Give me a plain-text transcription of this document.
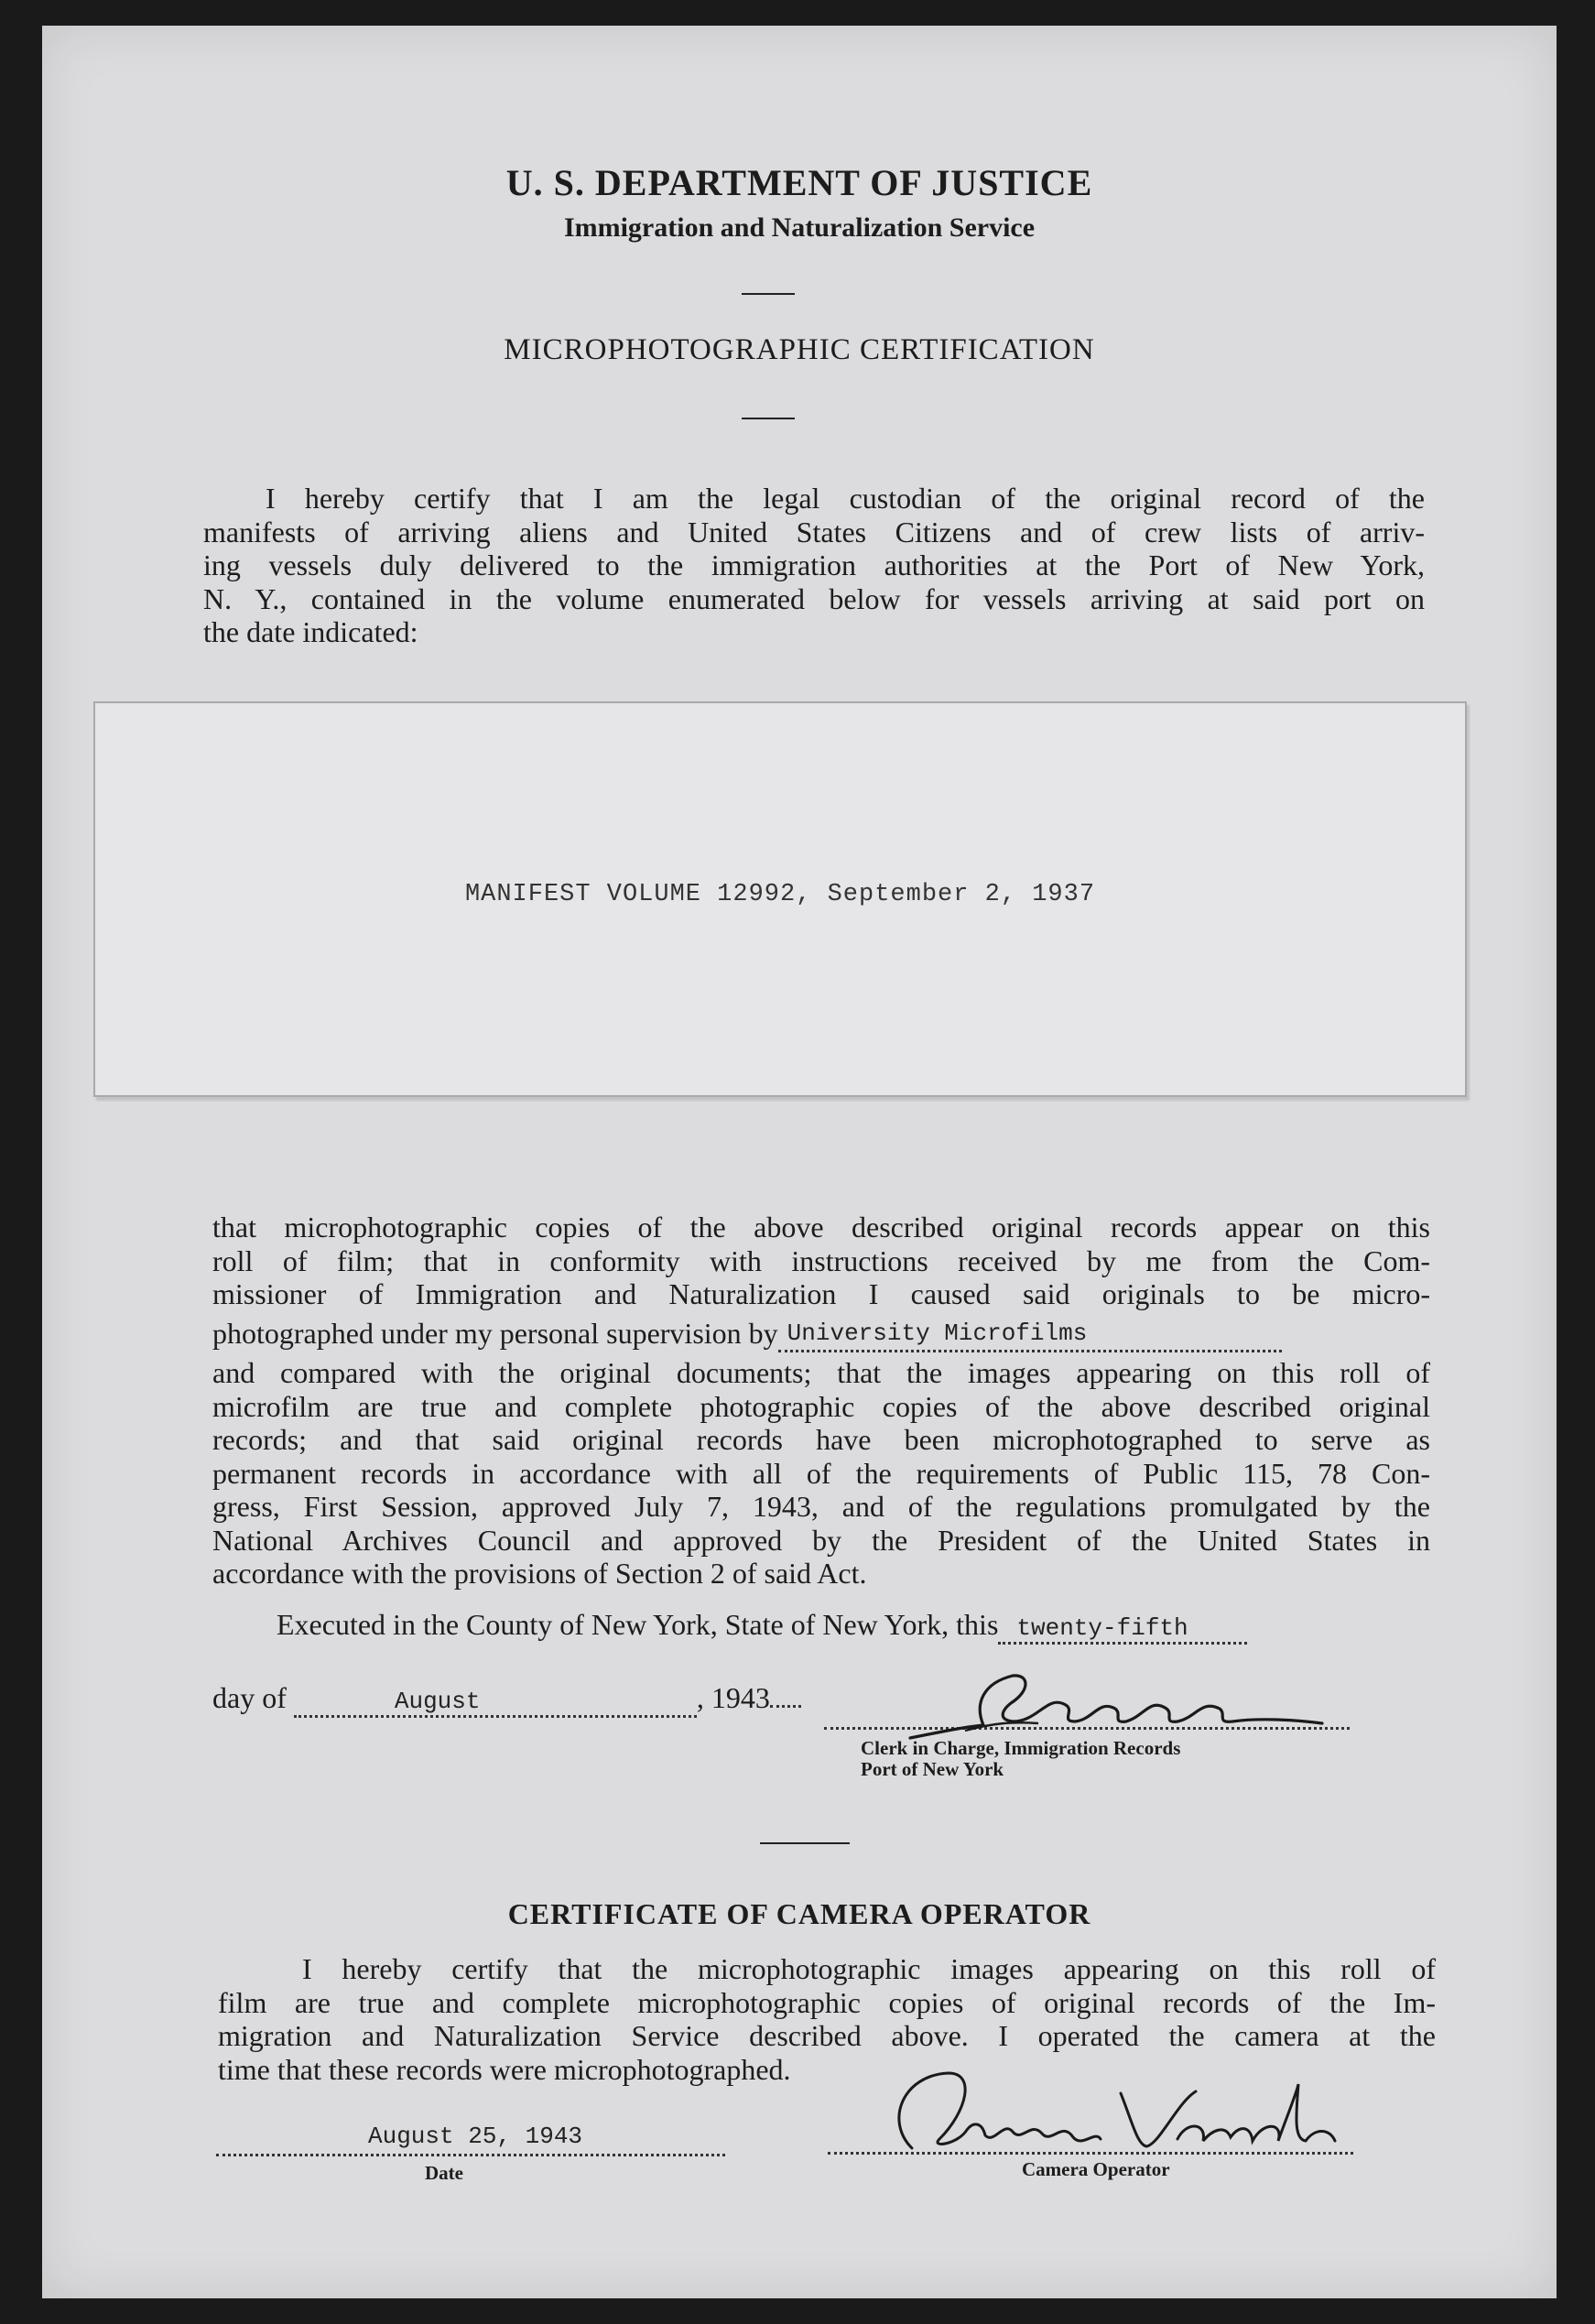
U. S. DEPARTMENT OF JUSTICE
Immigration and Naturalization Service
MICROPHOTOGRAPHIC CERTIFICATION
I hereby certify that I am the legal custodian of the original record of the
manifests of arriving aliens and United States Citizens and of crew lists of arriv-
ing vessels duly delivered to the immigration authorities at the Port of New York,
N. Y., contained in the volume enumerated below for vessels arriving at said port on
the date indicated:
MANIFEST VOLUME 12992, September 2, 1937
that microphotographic copies of the above described original records appear on this
roll of film; that in conformity with instructions received by me from the Com-
missioner of Immigration and Naturalization I caused said originals to be micro-
photographed under my personal supervision by University Microfilms
and compared with the original documents; that the images appearing on this roll of
microfilm are true and complete photographic copies of the above described original
records; and that said original records have been microphotographed to serve as
permanent records in accordance with all of the requirements of Public 115, 78 Con-
gress, First Session, approved July 7, 1943, and of the regulations promulgated by the
National Archives Council and approved by the President of the United States in
accordance with the provisions of Section 2 of said Act.
Executed in the County of New York, State of New York, this twenty-fifth
day of	August	, 1943
Clerk in Charge, Immigration Records
Port of New York
CERTIFICATE OF CAMERA OPERATOR
I hereby certify that the microphotographic images appearing on this roll of
film are true and complete microphotographic copies of original records of the Im-
migration and Naturalization Service described above. I operated the camera at the
time that these records were microphotographed.
August 25, 1943
Date	Camera Operator
